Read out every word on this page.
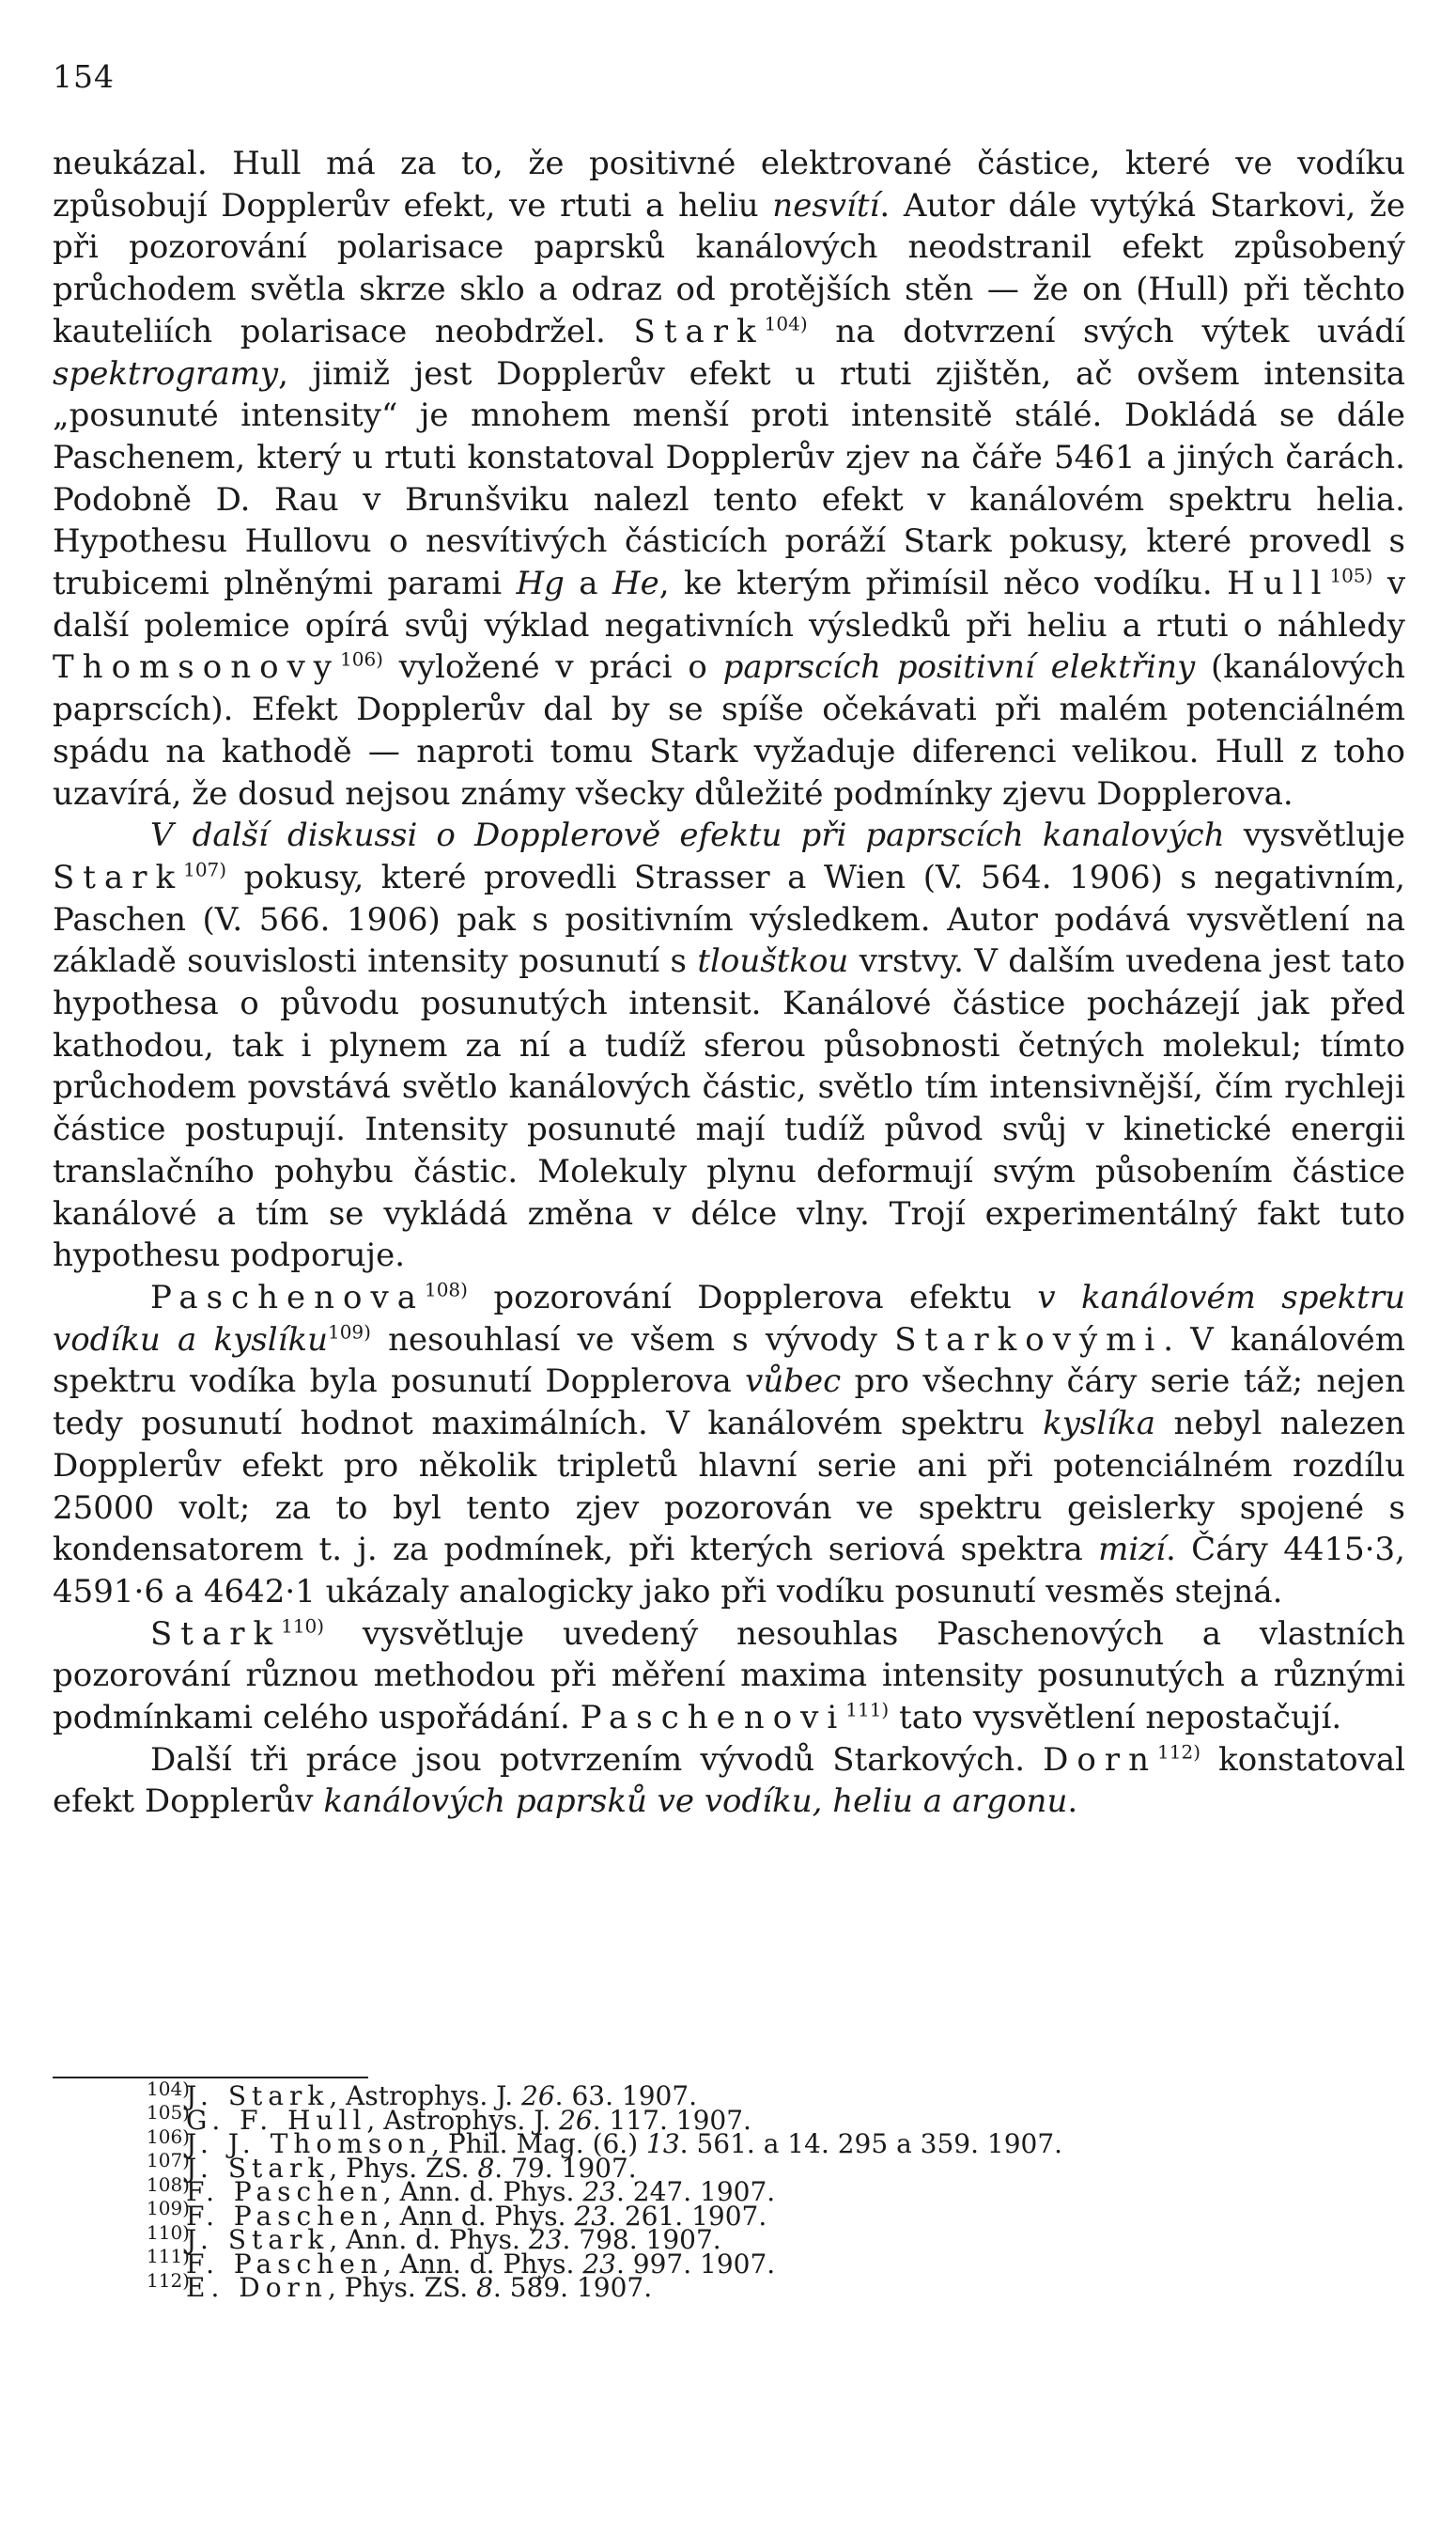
154

neukázal. Hull má za to, že positivné elektrované částice, které ve vodíku způsobují Dopplerův efekt, ve rtuti a heliu nesvítí. Autor dále vytýká Starkovi, že při pozorování polarisace paprsků kanálových neodstranil efekt způsobený průchodem světla skrze sklo a odraz od protějších stěn — že on (Hull) při těchto kauteliích polarisace neobdržel. Stark$^{104)}$ na dotvrzení svých výtek uvádí spektrogramy, jimiž jest Dopplerův efekt u rtuti zjištěn, ač ovšem intensita „posunuté intensity“ je mnohem menší proti intensitě stálé. Dokládá se dále Paschenem, který u rtuti konstatoval Dopplerův zjev na čáře 5461 a jiných čarách. Podobně D. Rau v Brunšviku nalezl tento efekt v kanálovém spektru helia. Hypothesu Hullovu o nesvítivých částicích poráží Stark pokusy, které provedl s trubicemi plněnými parami Hg a He, ke kterým přimísil něco vodíku. Hull$^{105)}$ v další polemice opírá svůj výklad negativních výsledků při heliu a rtuti o náhledy Thomsonovy$^{106)}$ vyložené v práci o paprscích positivní elektřiny (kanálových paprscích). Efekt Dopplerův dal by se spíše očekávati při malém potenciálném spádu na kathodě — naproti tomu Stark vyžaduje diferenci velikou. Hull z toho uzavírá, že dosud nejsou známy všecky důležité podmínky zjevu Dopplerova.

V další diskussi o Dopplerově efektu při paprscích kanalových vysvětluje Stark$^{107)}$ pokusy, které provedli Strasser a Wien (V. 564. 1906) s negativním, Paschen (V. 566. 1906) pak s positivním výsledkem. Autor podává vysvětlení na základě souvislosti intensity posunutí s tlouštkou vrstvy. V dalším uvedena jest tato hypothesa o původu posunutých intensit. Kanálové částice pocházejí jak před kathodou, tak i plynem za ní a tudíž sferou působnosti četných molekul; tímto průchodem povstává světlo kanálových částic, světlo tím intensivnější, čím rychleji částice postupují. Intensity posunuté mají tudíž původ svůj v kinetické energii translačního pohybu částic. Molekuly plynu deformují svým působením částice kanálové a tím se vykládá změna v délce vlny. Trojí experimentálný fakt tuto hypothesu podporuje.

Paschenova$^{108)}$ pozorování Dopplerova efektu v kanálovém spektru vodíku a kyslíku$^{109)}$ nesouhlasí ve všem s vývody Starkovými. V kanálovém spektru vodíka byla posunutí Dopplerova vůbec pro všechny čáry serie táž; nejen tedy posunutí hodnot maximálních. V kanálovém spektru kyslíka nebyl nalezen Dopplerův efekt pro několik tripletů hlavní serie ani při potenciálném rozdílu 25000 volt; za to byl tento zjev pozorován ve spektru geislerky spojené s kondensatorem t. j. za podmínek, při kterých seriová spektra mizí. Čáry 4415·3, 4591·6 a 4642·1 ukázaly analogicky jako při vodíku posunutí vesměs stejná.

Stark$^{110)}$ vysvětluje uvedený nesouhlas Paschenových a vlastních pozorování různou methodou při měření maxima intensity posunutých a různými podmínkami celého uspořádání. Paschenovi$^{111)}$ tato vysvětlení nepostačují.

Další tři práce jsou potvrzením vývodů Starkových. Dorn$^{112)}$ konstatoval efekt Dopplerův kanálových paprsků ve vodíku, heliu a argonu.

104)J. Stark, Astrophys. J. 26. 63. 1907.
105)G. F. Hull, Astrophys. J. 26. 117. 1907.
106)J. J. Thomson, Phil. Mag. (6.) 13. 561. a 14. 295 a 359. 1907.
107)J. Stark, Phys. ZS. 8. 79. 1907.
108)F. Paschen, Ann. d. Phys. 23. 247. 1907.
109)F. Paschen, Ann d. Phys. 23. 261. 1907.
110)J. Stark, Ann. d. Phys. 23. 798. 1907.
111)F. Paschen, Ann. d. Phys. 23. 997. 1907.
112)E. Dorn, Phys. ZS. 8. 589. 1907.
